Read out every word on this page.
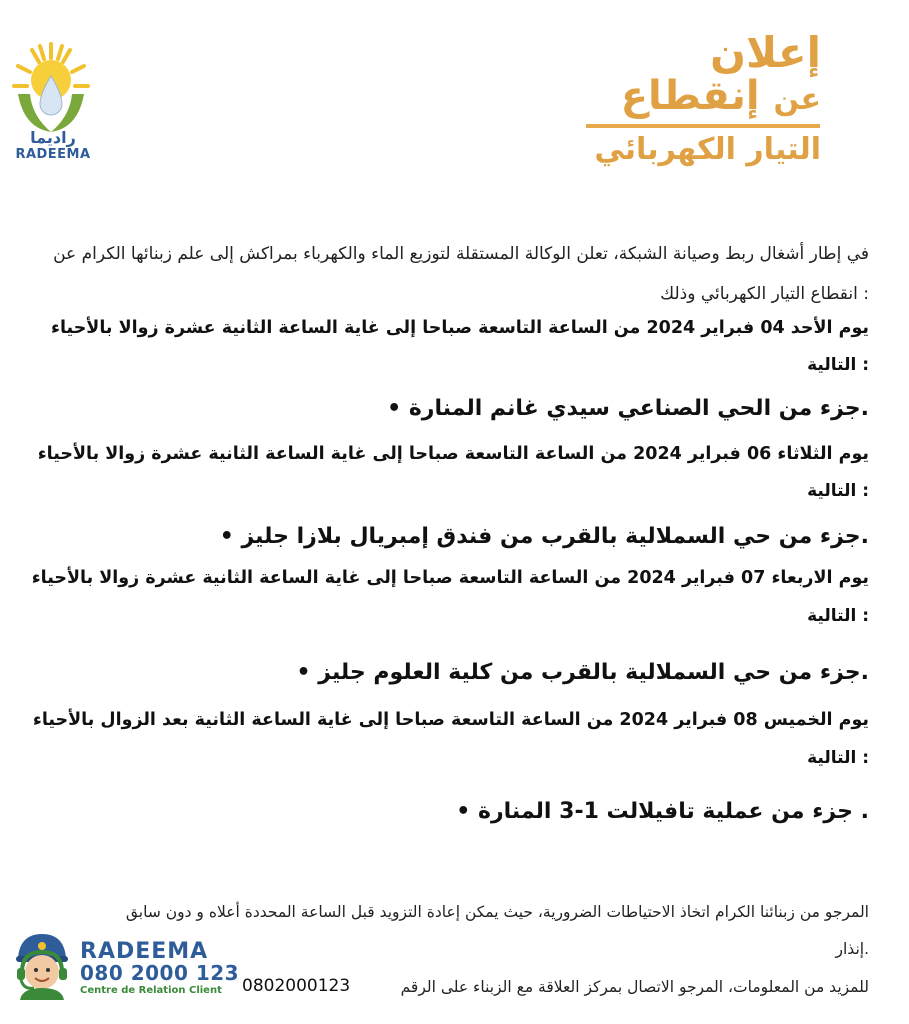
راديما
RADEEMA
إعلان
عن إنقطاع
التيار الكهربائي
في إطار أشغال ربط وصيانة الشبكة، تعلن الوكالة المستقلة لتوزيع الماء والكهرباء بمراكش إلى علم زبنائها الكرام عن
: انقطاع التيار الكهربائي وذلك
يوم الأحد 04 فبراير 2024 من الساعة التاسعة صباحا إلى غاية الساعة الثانية عشرة زوالا بالأحياء
: التالية
.جزء من الحي الصناعي سيدي غانم المنارة •
يوم الثلاثاء 06 فبراير 2024 من الساعة التاسعة صباحا إلى غاية الساعة الثانية عشرة زوالا بالأحياء
: التالية
.جزء من حي السملالية بالقرب من فندق إمبريال بلازا جليز •
يوم الاربعاء 07 فبراير 2024 من الساعة التاسعة صباحا إلى غاية الساعة الثانية عشرة زوالا بالأحياء
: التالية
.جزء من حي السملالية بالقرب من كلية العلوم جليز •
يوم الخميس 08 فبراير 2024 من الساعة التاسعة صباحا إلى غاية الساعة الثانية بعد الزوال بالأحياء
: التالية
. جزء من عملية تافيلالت 1-3 المنارة •
المرجو من زبنائنا الكرام اتخاذ الاحتياطات الضرورية، حيث يمكن إعادة التزويد قبل الساعة المحددة أعلاه و دون سابق
.إنذار
للمزيد من المعلومات، المرجو الاتصال بمركز العلاقة مع الزبناء على الرقم
0802000123
RADEEMA
080 2000 123
Centre de Relation Client
